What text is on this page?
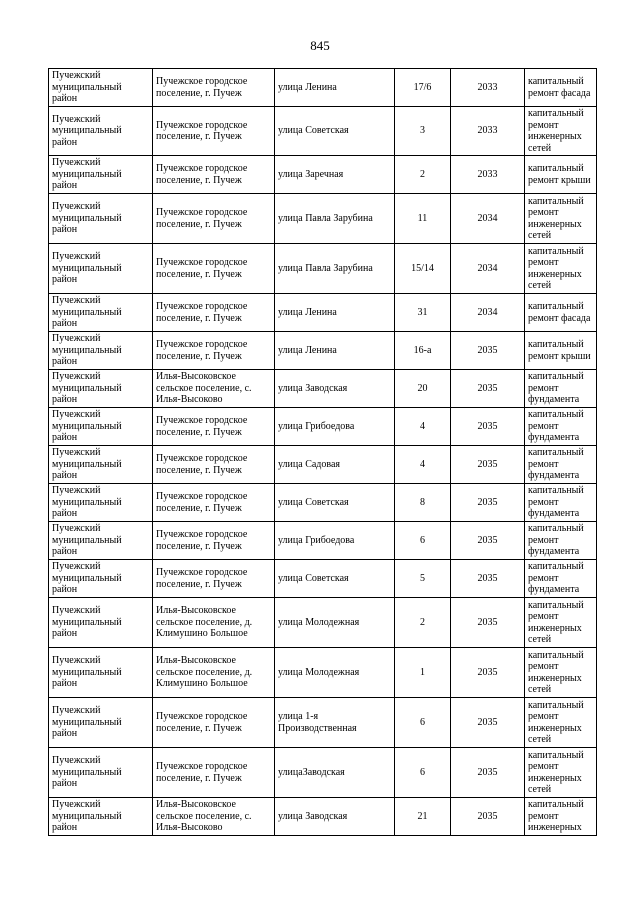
845
Пучежский муниципальный район	Пучежское городское поселение, г. Пучеж	улица Ленина	17/6	2033	капитальный ремонт фасада
Пучежский муниципальный район	Пучежское городское поселение, г. Пучеж	улица Советская	3	2033	капитальный ремонт инженерных сетей
Пучежский муниципальный район	Пучежское городское поселение, г. Пучеж	улица Заречная	2	2033	капитальный ремонт крыши
Пучежский муниципальный район	Пучежское городское поселение, г. Пучеж	улица Павла Зарубина	11	2034	капитальный ремонт инженерных сетей
Пучежский муниципальный район	Пучежское городское поселение, г. Пучеж	улица Павла Зарубина	15/14	2034	капитальный ремонт инженерных сетей
Пучежский муниципальный район	Пучежское городское поселение, г. Пучеж	улица Ленина	31	2034	капитальный ремонт фасада
Пучежский муниципальный район	Пучежское городское поселение, г. Пучеж	улица Ленина	16-а	2035	капитальный ремонт крыши
Пучежский муниципальный район	Илья-Высоковское сельское поселение, с. Илья-Высоково	улица Заводская	20	2035	капитальный ремонт фундамента
Пучежский муниципальный район	Пучежское городское поселение, г. Пучеж	улица Грибоедова	4	2035	капитальный ремонт фундамента
Пучежский муниципальный район	Пучежское городское поселение, г. Пучеж	улица Садовая	4	2035	капитальный ремонт фундамента
Пучежский муниципальный район	Пучежское городское поселение, г. Пучеж	улица Советская	8	2035	капитальный ремонт фундамента
Пучежский муниципальный район	Пучежское городское поселение, г. Пучеж	улица Грибоедова	6	2035	капитальный ремонт фундамента
Пучежский муниципальный район	Пучежское городское поселение, г. Пучеж	улица Советская	5	2035	капитальный ремонт фундамента
Пучежский муниципальный район	Илья-Высоковское сельское поселение, д. Климушино Большое	улица Молодежная	2	2035	капитальный ремонт инженерных сетей
Пучежский муниципальный район	Илья-Высоковское сельское поселение, д. Климушино Большое	улица Молодежная	1	2035	капитальный ремонт инженерных сетей
Пучежский муниципальный район	Пучежское городское поселение, г. Пучеж	улица 1-я Производственная	6	2035	капитальный ремонт инженерных сетей
Пучежский муниципальный район	Пучежское городское поселение, г. Пучеж	улицаЗаводская	6	2035	капитальный ремонт инженерных сетей
Пучежский муниципальный район	Илья-Высоковское сельское поселение, с. Илья-Высоково	улица Заводская	21	2035	капитальный ремонт инженерных
